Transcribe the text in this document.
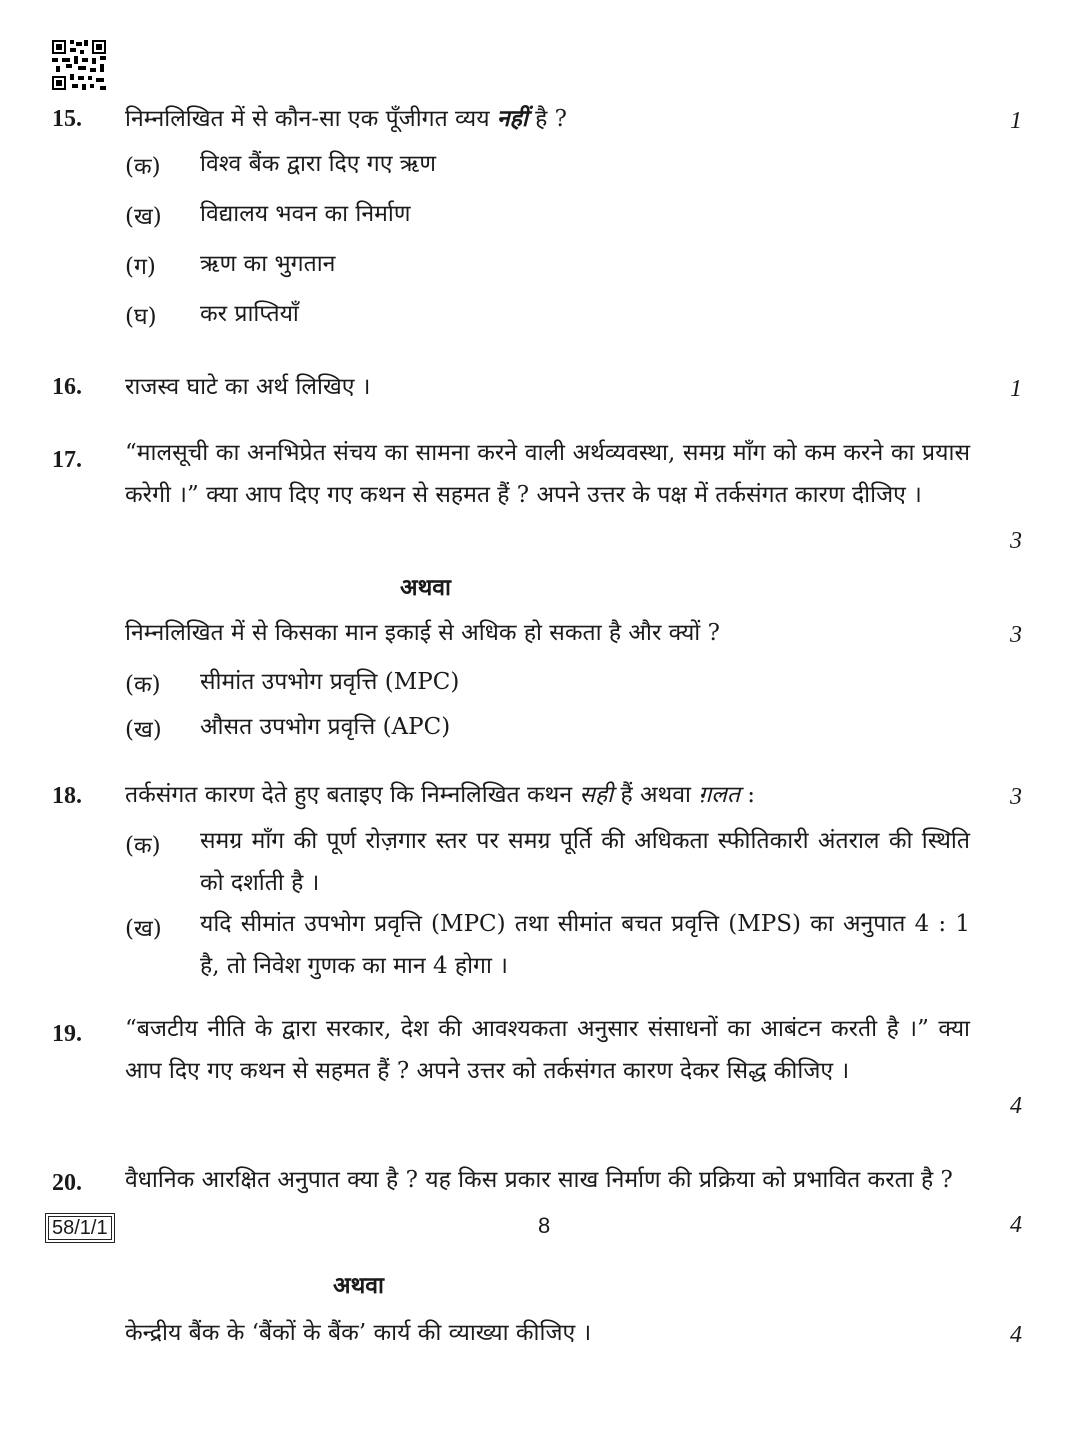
15. निम्नलिखित में से कौन-सा एक पूँजीगत व्यय नहीं है ?	1
(क) विश्व बैंक द्वारा दिए गए ऋण
(ख) विद्यालय भवन का निर्माण
(ग) ऋण का भुगतान
(घ) कर प्राप्तियाँ
16. राजस्व घाटे का अर्थ लिखिए ।	1
17. “मालसूची का अनभिप्रेत संचय का सामना करने वाली अर्थव्यवस्था, समग्र माँग को कम करने का प्रयास करेगी ।” क्या आप दिए गए कथन से सहमत हैं ? अपने उत्तर के पक्ष में तर्कसंगत कारण दीजिए ।
3
अथवा
निम्नलिखित में से किसका मान इकाई से अधिक हो सकता है और क्यों ?	3
(क) सीमांत उपभोग प्रवृत्ति (MPC)
(ख) औसत उपभोग प्रवृत्ति (APC)
18. तर्कसंगत कारण देते हुए बताइए कि निम्नलिखित कथन सही हैं अथवा ग़लत :	3
(क) समग्र माँग की पूर्ण रोज़गार स्तर पर समग्र पूर्ति की अधिकता स्फीतिकारी अंतराल की स्थिति को दर्शाती है ।
(ख) यदि सीमांत उपभोग प्रवृत्ति (MPC) तथा सीमांत बचत प्रवृत्ति (MPS) का अनुपात 4 : 1 है, तो निवेश गुणक का मान 4 होगा ।
19. “बजटीय नीति के द्वारा सरकार, देश की आवश्यकता अनुसार संसाधनों का आबंटन करती है ।” क्या आप दिए गए कथन से सहमत हैं ? अपने उत्तर को तर्कसंगत कारण देकर सिद्ध कीजिए ।
4
20. वैधानिक आरक्षित अनुपात क्या है ? यह किस प्रकार साख निर्माण की प्रक्रिया को प्रभावित करता है ?
4
अथवा
केन्द्रीय बैंक के ‘बैंकों के बैंक’ कार्य की व्याख्या कीजिए ।	4
58/1/1	8
